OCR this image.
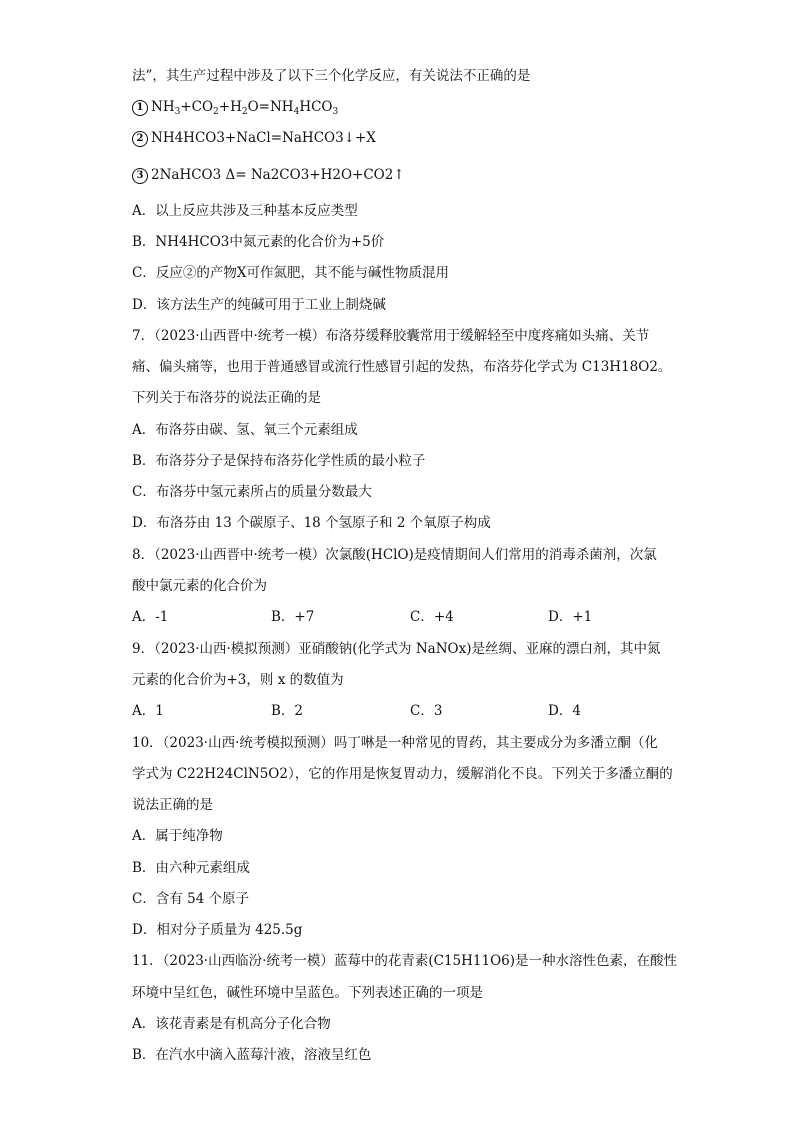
法”，其生产过程中涉及了以下三个化学反应，有关说法不正确的是
1 $NH_3+CO_2+H_2O=NH_4HCO_3$
2 NH4HCO3+NaCl=NaHCO3↓+X
3 2NaHCO3 Δ= Na2CO3+H2O+CO2↑
A．以上反应共涉及三种基本反应类型
B．NH4HCO3中氮元素的化合价为+5价
C．反应②的产物X可作氮肥，其不能与碱性物质混用
D．该方法生产的纯碱可用于工业上制烧碱
7．（2023·山西晋中·统考一模）布洛芬缓释胶囊常用于缓解轻至中度疼痛如头痛、关节
痛、偏头痛等，也用于普通感冒或流行性感冒引起的发热，布洛芬化学式为 C13H18O2。
下列关于布洛芬的说法正确的是
A．布洛芬由碳、氢、氧三个元素组成
B．布洛芬分子是保持布洛芬化学性质的最小粒子
C．布洛芬中氢元素所占的质量分数最大
D．布洛芬由 13 个碳原子、18 个氢原子和 2 个氧原子构成
8．（2023·山西晋中·统考一模）次氯酸(HClO)是疫情期间人们常用的消毒杀菌剂，次氯
酸中氯元素的化合价为
A．-1	B．+7	C．+4	D．+1
9．（2023·山西·模拟预测）亚硝酸钠(化学式为 NaNOx)是丝绸、亚麻的漂白剂，其中氮
元素的化合价为+3，则 x 的数值为
A．1	B．2	C．3	D．4
10．（2023·山西·统考模拟预测）吗丁啉是一种常见的胃药，其主要成分为多潘立酮（化
学式为 C22H24ClN5O2），它的作用是恢复胃动力，缓解消化不良。下列关于多潘立酮的
说法正确的是
A．属于纯净物
B．由六种元素组成
C．含有 54 个原子
D．相对分子质量为 425.5g
11．（2023·山西临汾·统考一模）蓝莓中的花青素(C15H11O6)是一种水溶性色素，在酸性
环境中呈红色，碱性环境中呈蓝色。下列表述正确的一项是
A．该花青素是有机高分子化合物
B．在汽水中滴入蓝莓汁液，溶液呈红色
